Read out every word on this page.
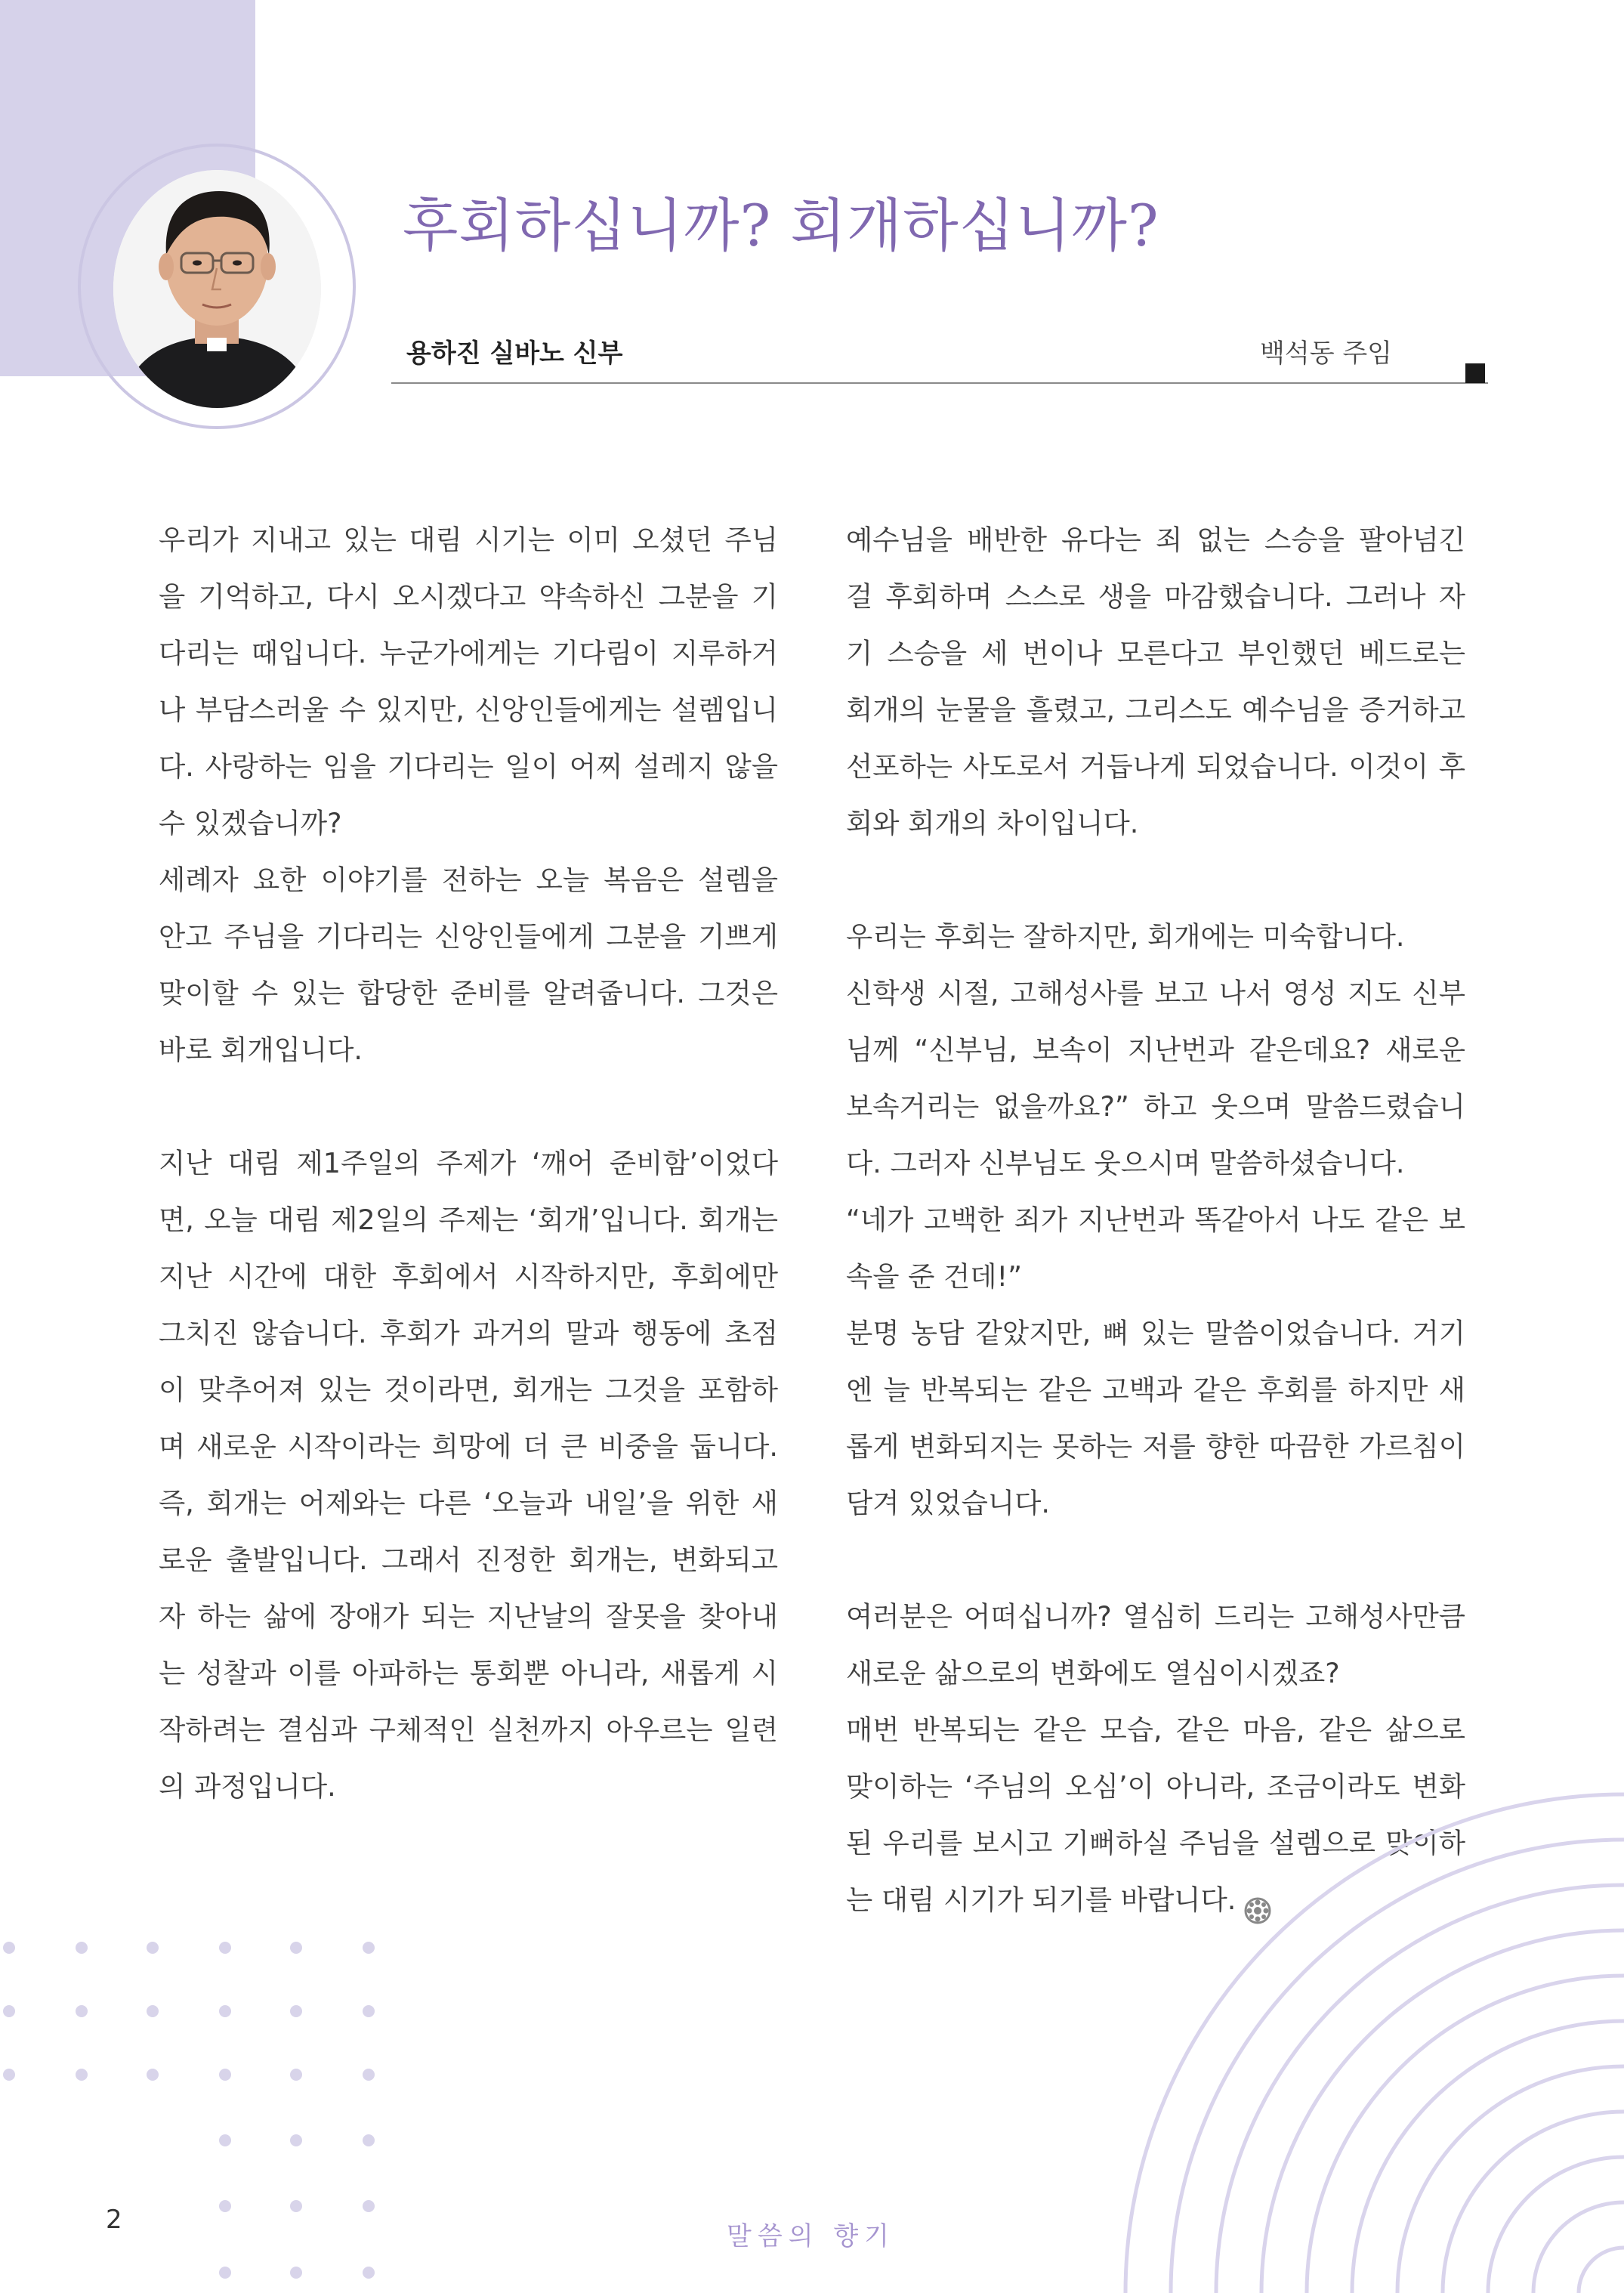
후회하십니까? 회개하십니까?
용하진 실바노 신부	백석동 주임

우리가 지내고 있는 대림 시기는 이미 오셨던 주님을 기억하고, 다시 오시겠다고 약속하신 그분을 기다리는 때입니다. 누군가에게는 기다림이 지루하거나 부담스러울 수 있지만, 신앙인들에게는 설렘입니다. 사랑하는 임을 기다리는 일이 어찌 설레지 않을 수 있겠습니까?

세례자 요한 이야기를 전하는 오늘 복음은 설렘을 안고 주님을 기다리는 신앙인들에게 그분을 기쁘게 맞이할 수 있는 합당한 준비를 알려줍니다. 그것은 바로 회개입니다.

지난 대림 제1주일의 주제가 ‘깨어 준비함’이었다면, 오늘 대림 제2일의 주제는 ‘회개’입니다. 회개는 지난 시간에 대한 후회에서 시작하지만, 후회에만 그치진 않습니다. 후회가 과거의 말과 행동에 초점이 맞추어져 있는 것이라면, 회개는 그것을 포함하며 새로운 시작이라는 희망에 더 큰 비중을 둡니다. 즉, 회개는 어제와는 다른 ‘오늘과 내일’을 위한 새로운 출발입니다. 그래서 진정한 회개는, 변화되고자 하는 삶에 장애가 되는 지난날의 잘못을 찾아내는 성찰과 이를 아파하는 통회뿐 아니라, 새롭게 시작하려는 결심과 구체적인 실천까지 아우르는 일련의 과정입니다.

예수님을 배반한 유다는 죄 없는 스승을 팔아넘긴 걸 후회하며 스스로 생을 마감했습니다. 그러나 자기 스승을 세 번이나 모른다고 부인했던 베드로는 회개의 눈물을 흘렸고, 그리스도 예수님을 증거하고 선포하는 사도로서 거듭나게 되었습니다. 이것이 후회와 회개의 차이입니다.

우리는 후회는 잘하지만, 회개에는 미숙합니다.

신학생 시절, 고해성사를 보고 나서 영성 지도 신부님께 “신부님, 보속이 지난번과 같은데요? 새로운 보속거리는 없을까요?” 하고 웃으며 말씀드렸습니다. 그러자 신부님도 웃으시며 말씀하셨습니다.

“네가 고백한 죄가 지난번과 똑같아서 나도 같은 보속을 준 건데!”

분명 농담 같았지만, 뼈 있는 말씀이었습니다. 거기엔 늘 반복되는 같은 고백과 같은 후회를 하지만 새롭게 변화되지는 못하는 저를 향한 따끔한 가르침이 담겨 있었습니다.

여러분은 어떠십니까? 열심히 드리는 고해성사만큼 새로운 삶으로의 변화에도 열심이시겠죠?

매번 반복되는 같은 모습, 같은 마음, 같은 삶으로 맞이하는 ‘주님의 오심’이 아니라, 조금이라도 변화된 우리를 보시고 기뻐하실 주님을 설렘으로 맞이하는 대림 시기가 되기를 바랍니다.

2
말씀의 향기
